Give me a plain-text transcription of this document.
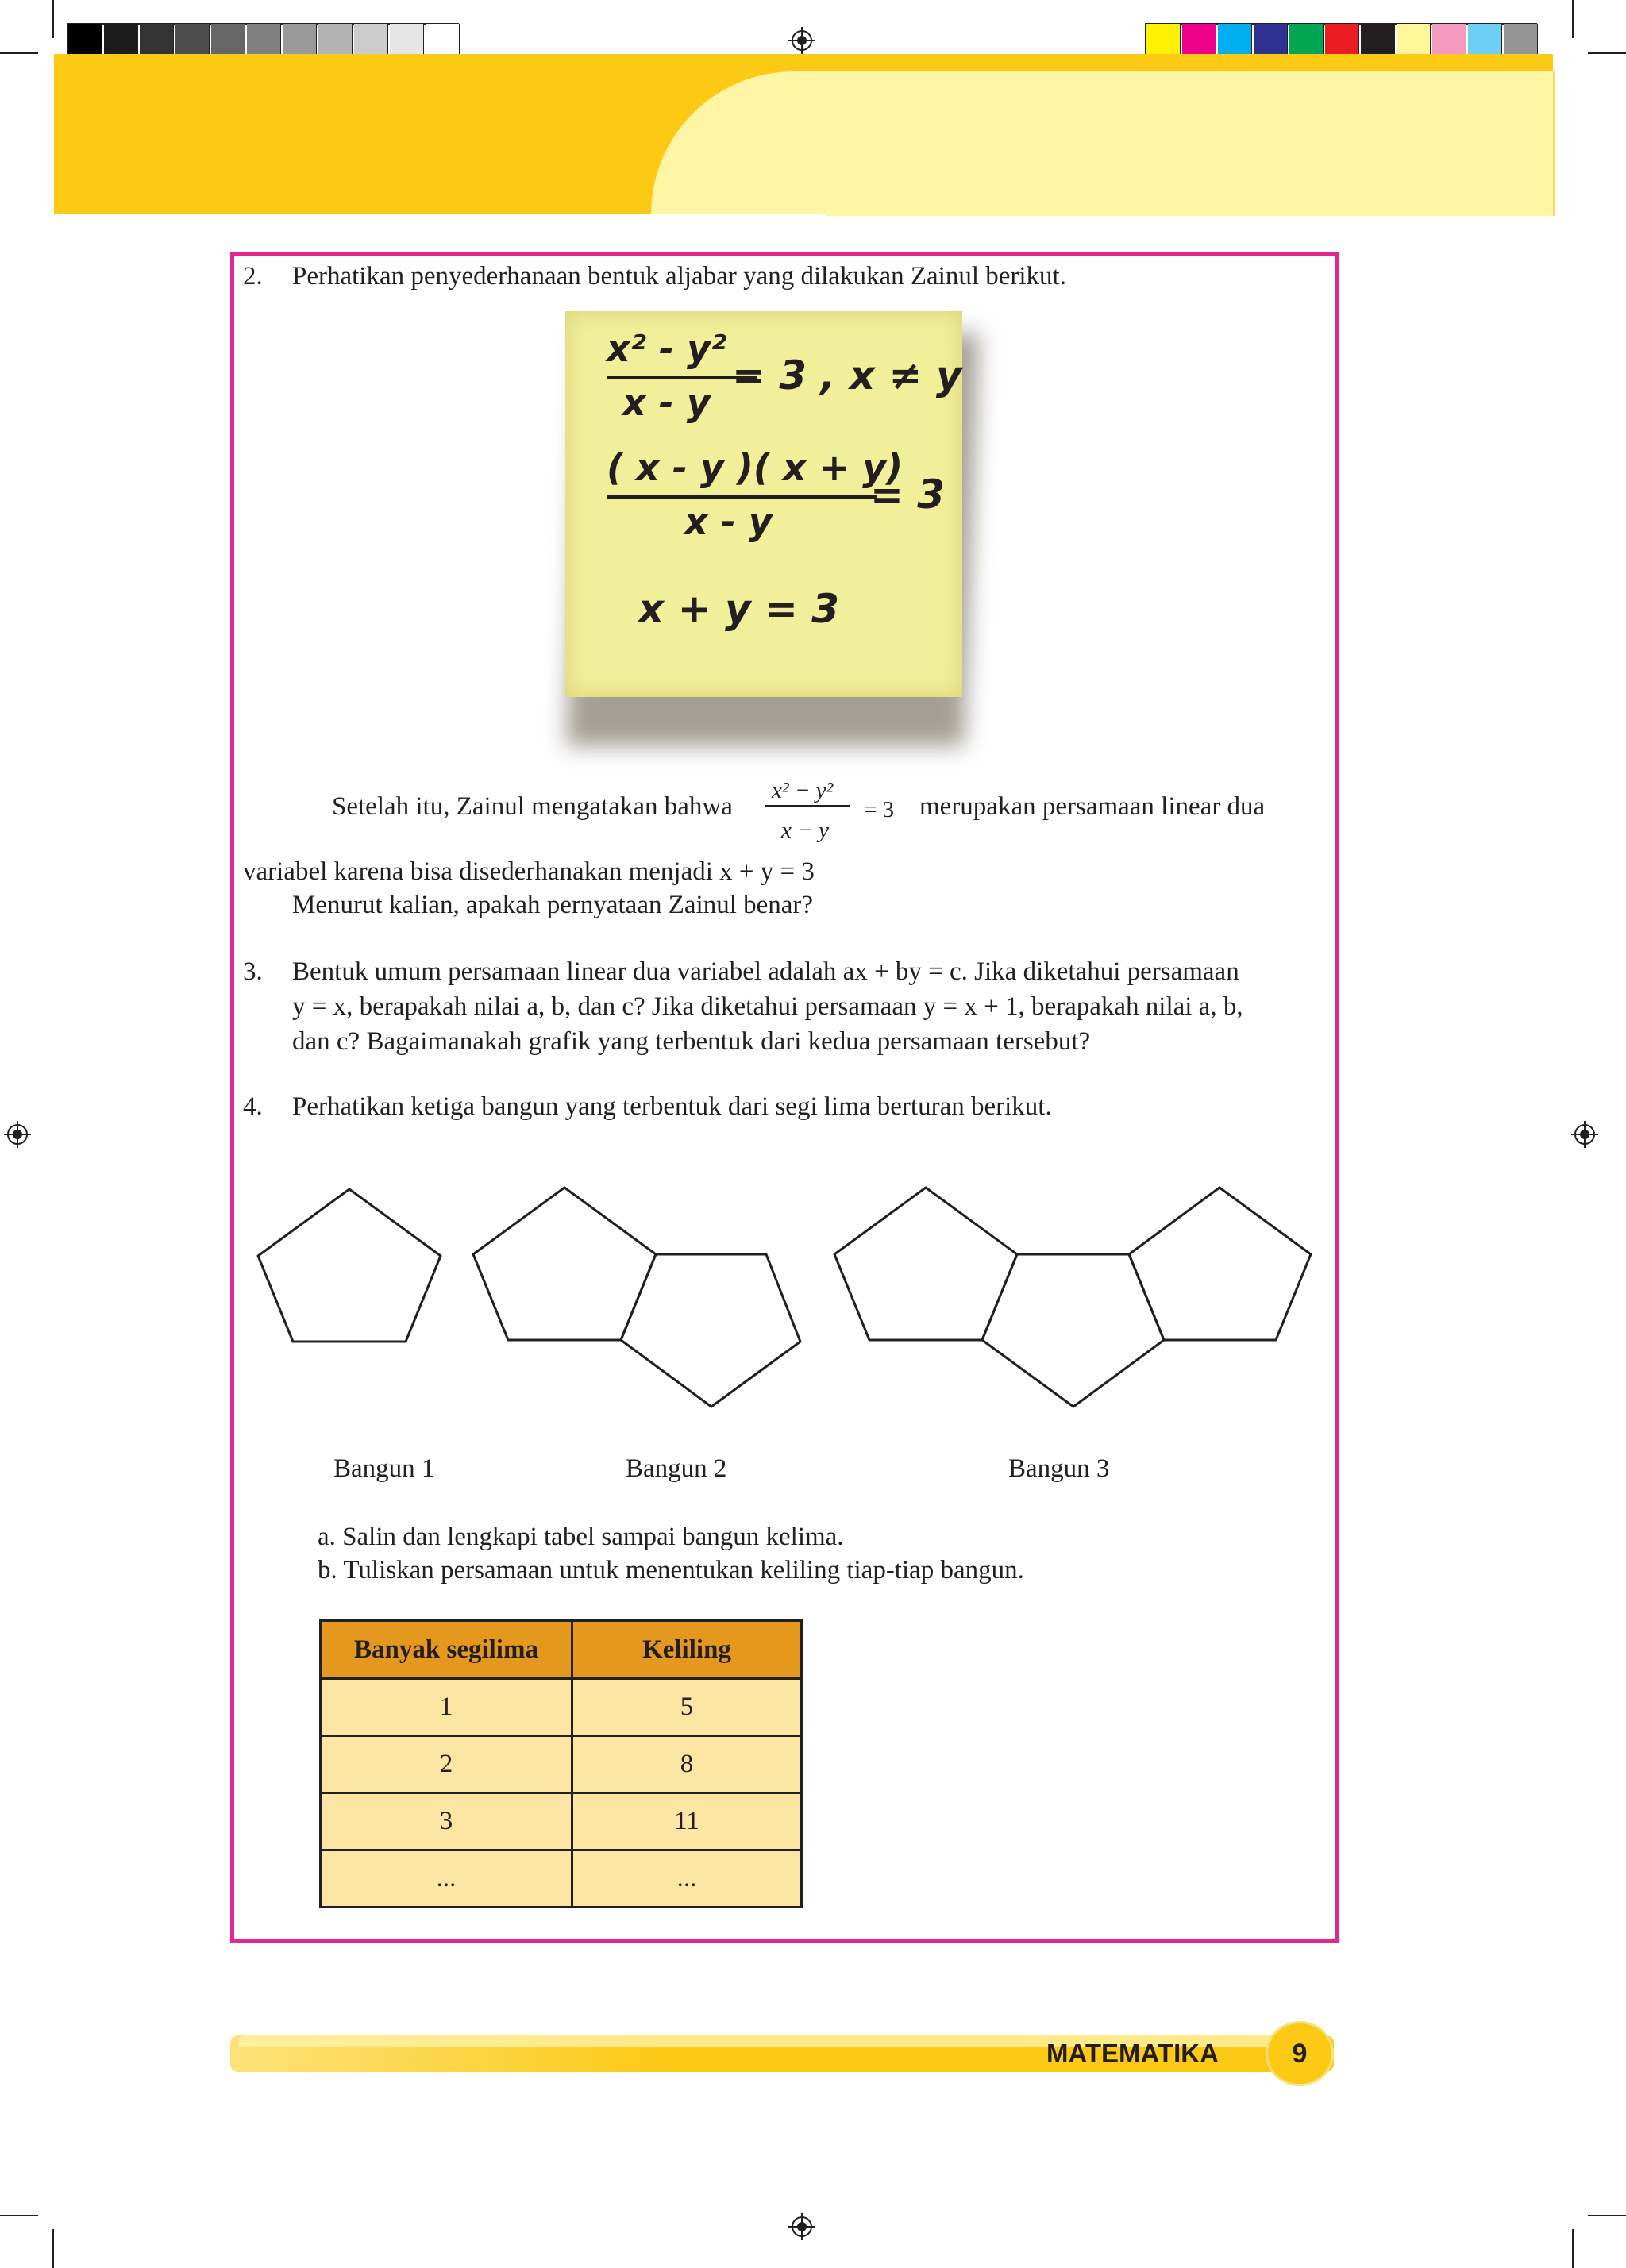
2. Perhatikan penyederhanaan bentuk aljabar yang dilakukan Zainul berikut.
x² - y²
x - y
= 3 , x ≠ y
( x - y )( x + y)
x - y
= 3
x + y = 3
Setelah itu, Zainul mengatakan bahwa
x² − y²
x − y
= 3 merupakan persamaan linear dua
variabel karena bisa disederhanakan menjadi x + y = 3
Menurut kalian, apakah pernyataan Zainul benar?
3. Bentuk umum persamaan linear dua variabel adalah ax + by = c. Jika diketahui persamaan
y = x, berapakah nilai a, b, dan c? Jika diketahui persamaan y = x + 1, berapakah nilai a, b,
dan c? Bagaimanakah grafik yang terbentuk dari kedua persamaan tersebut?
4. Perhatikan ketiga bangun yang terbentuk dari segi lima berturan berikut.
Bangun 1	Bangun 2	Bangun 3
a. Salin dan lengkapi tabel sampai bangun kelima.
b. Tuliskan persamaan untuk menentukan keliling tiap-tiap bangun.
Banyak segilima	Keliling
1	5
2	8
3	11
...	...
MATEMATIKA	9
